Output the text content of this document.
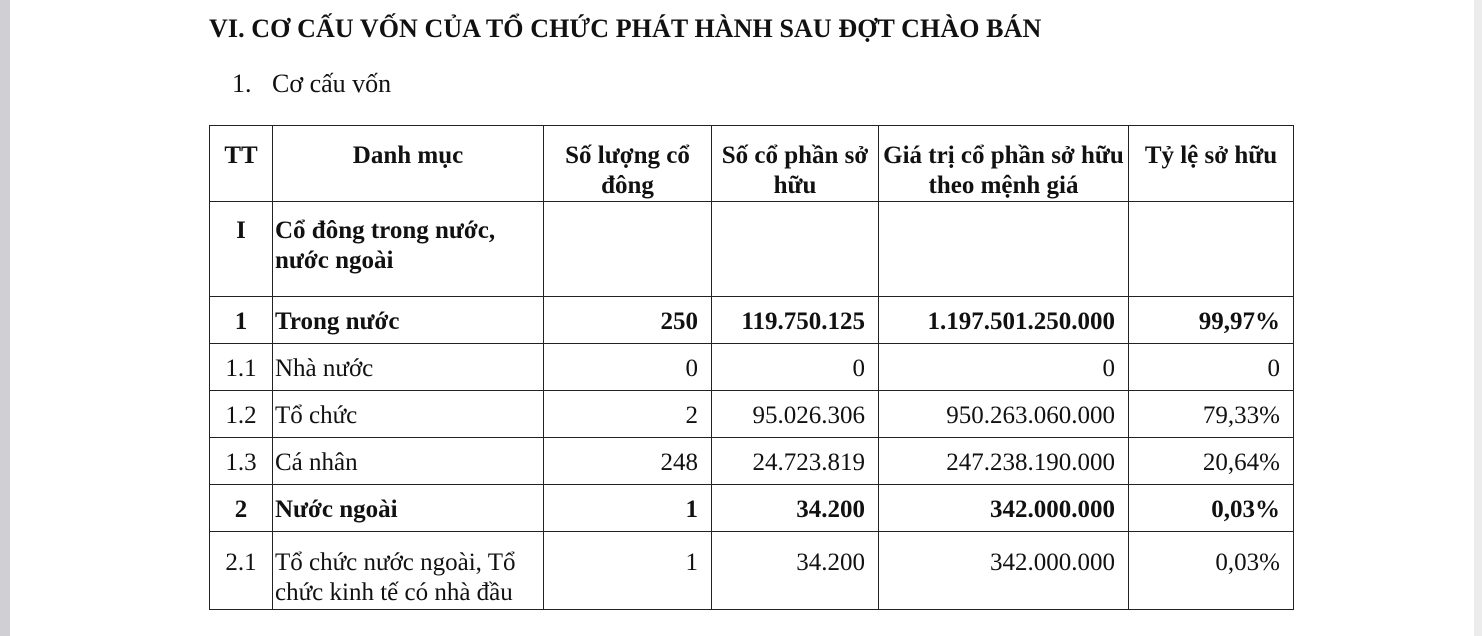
VI. CƠ CẤU VỐN CỦA TỔ CHỨC PHÁT HÀNH SAU ĐỢT CHÀO BÁN
1. Cơ cấu vốn
TT	Danh mục	Số lượng cổ đông	Số cổ phần sở hữu	Giá trị cổ phần sở hữu theo mệnh giá	Tỷ lệ sở hữu
I	Cổ đông trong nước, nước ngoài				
1	Trong nước	250	119.750.125	1.197.501.250.000	99,97%
1.1	Nhà nước	0	0	0	0
1.2	Tổ chức	2	95.026.306	950.263.060.000	79,33%
1.3	Cá nhân	248	24.723.819	247.238.190.000	20,64%
2	Nước ngoài	1	34.200	342.000.000	0,03%
2.1	Tổ chức nước ngoài, Tổ chức kinh tế có nhà đầu	1	34.200	342.000.000	0,03%
